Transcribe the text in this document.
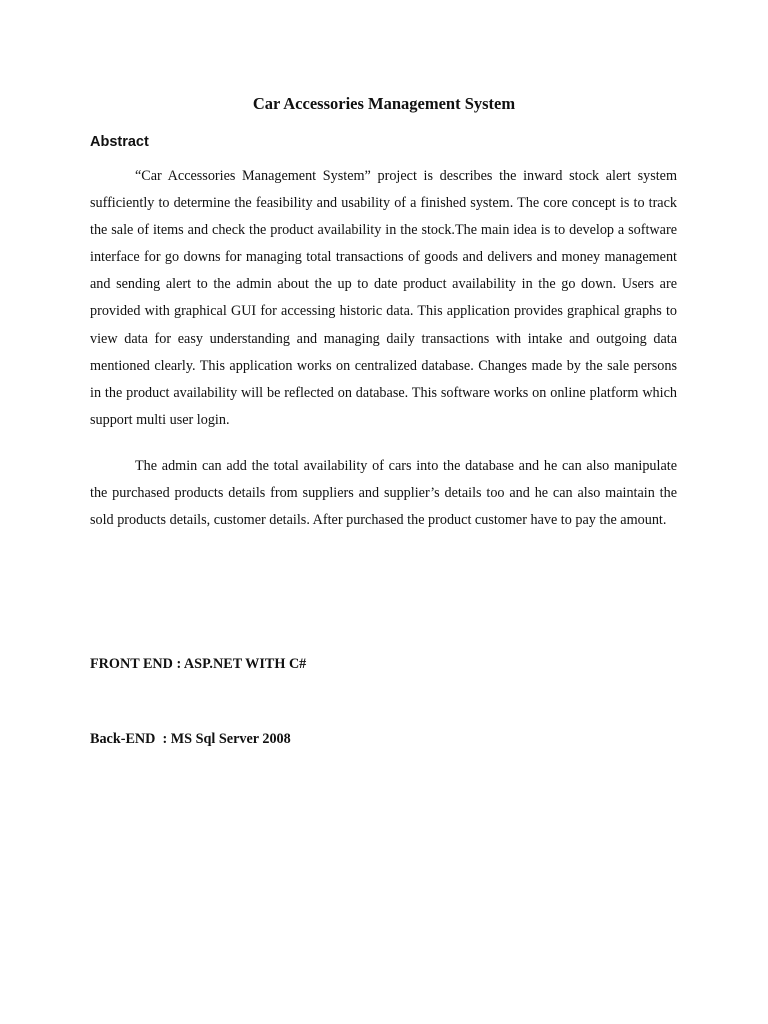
Car Accessories Management System
Abstract

“Car Accessories Management System” project is describes the inward stock alert system sufficiently to determine the feasibility and usability of a finished system. The core concept is to track the sale of items and check the product availability in the stock.The main idea is to develop a software interface for go downs for managing total transactions of goods and delivers and money management and sending alert to the admin about the up to date product availability in the go down. Users are provided with graphical GUI for accessing historic data. This application provides graphical graphs to view data for easy understanding and managing daily transactions with intake and outgoing data mentioned clearly. This application works on centralized database. Changes made by the sale persons in the product availability will be reflected on database. This software works on online platform which support multi user login.

The admin can add the total availability of cars into the database and he can also manipulate the purchased products details from suppliers and supplier’s details too and he can also maintain the sold products details, customer details. After purchased the product customer have to pay the amount.

FRONT END : ASP.NET WITH C#

Back-END  : MS Sql Server 2008
